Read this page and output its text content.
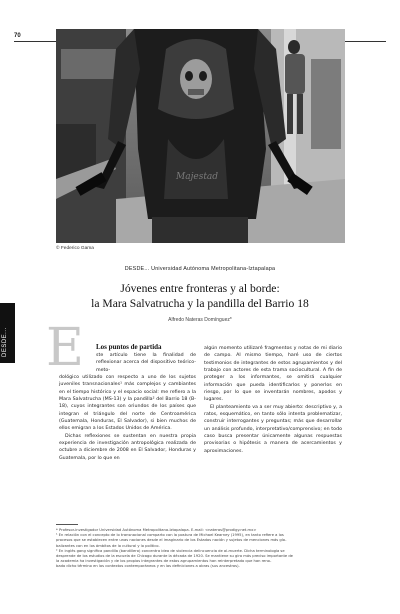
70
Majestad
© Federico Gama
DESDE...
DESDE... Universidad Autónoma Metropolitana-Iztapalapa
Jóvenes entre fronteras y al borde:
la Mara Salvatrucha y la pandilla del Barrio 18
Alfredo Nateras Domínguez*
E Los puntos de partida

ste artículo tiene la finalidad de reflexionar acerca del dispositivo teórico-meto-

dológico utilizado con respecto a uno de los sujetos juveniles transnacionales¹ más complejos y cambiantes en el tiempo histórico y el espacio social: me refiero a la Mara Salvatrucha (MS-13) y la pandilla² del Barrio 18 (B-18), cuyos integrantes son oriundos de los países que integran el triángulo del norte de Centroamérica (Guatemala, Honduras, El Salvador), si bien muchos de ellos emigran a los Estados Unidos de América.

Dichas reflexiones se sustentan en nuestra propia experiencia de investigación antropológica realizada de octubre a diciembre de 2008 en El Salvador, Honduras y Guatemala, por lo que en

algún momento utilizaré fragmentos y notas de mi diario de campo. Al mismo tiempo, haré uso de ciertos testimonios de integrantes de estos agrupamientos y del trabajo con actores de esta trama sociocultural. A fin de proteger a los informantes, se omitirá cualquier información que pueda identificarlos y ponerlos en riesgo, por lo que se inventarán nombres, apodos y lugares.

El planteamiento va a ser muy abierto: descriptivo y, a ratos, esquemático, en tanto sólo intenta problematizar, construir interrogantes y preguntas; más que desarrollar un análisis profundo, interpretativo/comprensivo; en todo caso busca presentar únicamente algunas respuestas provisorias o hipótesis a manera de acercamientos y aproximaciones.

* Profesor-investigador Universidad Autónoma Metropolitana-Iztapalapa. E-mail: <nateras@prodigy.net.mx>

¹ En relación con el concepto de lo transnacional comparto con la postura de Michael Kearney (1995), en tanto refiere a los

procesos que se establecen entre unas naciones desde el imaginario de los Estados nación y sujetos de menciones más glo-

balizantes con en los ámbitos de lo cultural y lo político.

² En inglés gang significa pandilla (bandillero) concentra idea de violencia delincuencia de al-muerte. Dicha terminología se

desprende de los estudios de la escuela de Chicago durante la década de 1920. Se mantiene su giro más preciso importante de

la academia ha investigación y de los propios integrantes de estos agrupamientos han reinterpretado que han reno-

bado dicho término en los contextos contemporáneos y en las definiciones a obras (sus ancestros).
